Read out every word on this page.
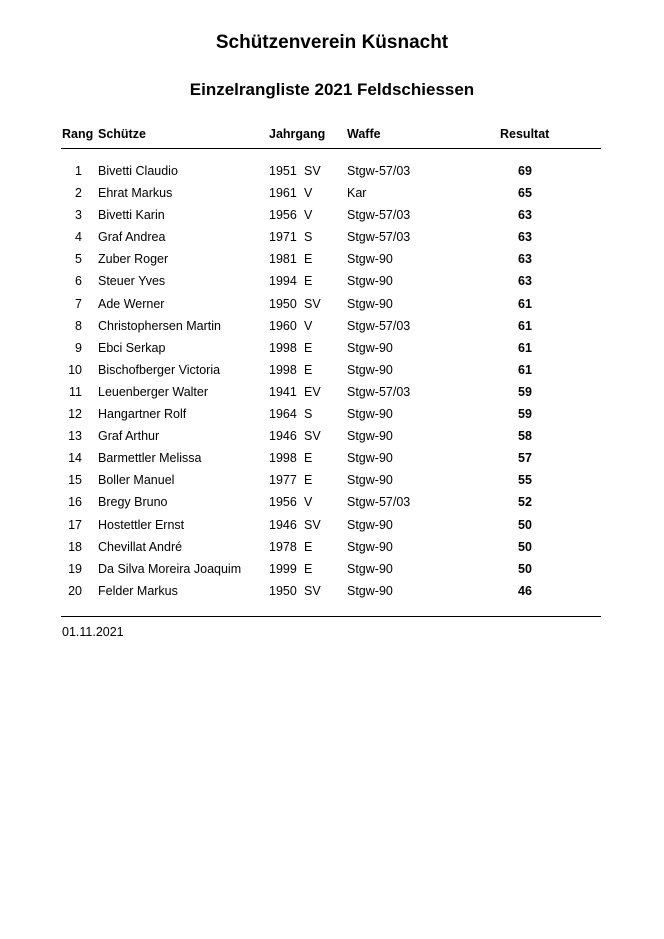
Schützenverein Küsnacht
Einzelrangliste 2021 Feldschiessen
Rang Schütze	Jahrgang Waffe	Resultat
1 Bivetti Claudio	1951 SV Stgw-57/03	69
2 Ehrat Markus	1961 V	Kar	65
3 Bivetti Karin	1956 V	Stgw-57/03	63
4 Graf Andrea	1971 S	Stgw-57/03	63
5 Zuber Roger	1981 E	Stgw-90	63
6 Steuer Yves	1994 E	Stgw-90	63
7 Ade Werner	1950 SV Stgw-90	61
8 Christophersen Martin	1960 V	Stgw-57/03	61
9 Ebci Serkap	1998 E	Stgw-90	61
10 Bischofberger Victoria	1998 E	Stgw-90	61
11 Leuenberger Walter	1941 EV Stgw-57/03	59
12 Hangartner Rolf	1964 S	Stgw-90	59
13 Graf Arthur	1946 SV Stgw-90	58
14 Barmettler Melissa	1998 E	Stgw-90	57
15 Boller Manuel	1977 E	Stgw-90	55
16 Bregy Bruno	1956 V	Stgw-57/03	52
17 Hostettler Ernst	1946 SV Stgw-90	50
18 Chevillat André	1978 E	Stgw-90	50
19 Da Silva Moreira Joaquim 1999 E	Stgw-90	50
20 Felder Markus	1950 SV Stgw-90	46
01.11.2021
